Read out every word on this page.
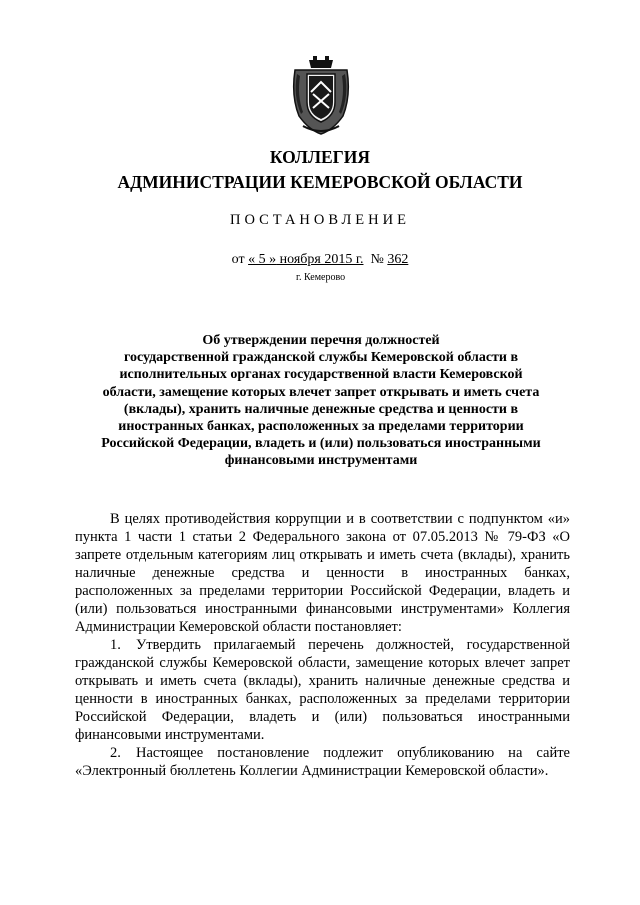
КОЛЛЕГИЯ
АДМИНИСТРАЦИИ КЕМЕРОВСКОЙ ОБЛАСТИ
ПОСТАНОВЛЕНИЕ
от « 5 » ноября 2015 г. № 362
г. Кемерово
Об утверждении перечня должностей
государственной гражданской службы Кемеровской области в
исполнительных органах государственной власти Кемеровской
области, замещение которых влечет запрет открывать и иметь счета
(вклады), хранить наличные денежные средства и ценности в
иностранных банках, расположенных за пределами территории
Российской Федерации, владеть и (или) пользоваться иностранными
финансовыми инструментами

В целях противодействия коррупции и в соответствии с подпунктом «и» пункта 1 части 1 статьи 2 Федерального закона от 07.05.2013 № 79-ФЗ «О запрете отдельным категориям лиц открывать и иметь счета (вклады), хранить наличные денежные средства и ценности в иностранных банках, расположенных за пределами территории Российской Федерации, владеть и (или) пользоваться иностранными финансовыми инструментами» Коллегия Администрации Кемеровской области постановляет:

1. Утвердить прилагаемый перечень должностей, государственной гражданской службы Кемеровской области, замещение которых влечет запрет открывать и иметь счета (вклады), хранить наличные денежные средства и ценности в иностранных банках, расположенных за пределами территории Российской Федерации, владеть и (или) пользоваться иностранными финансовыми инструментами.

2. Настоящее постановление подлежит опубликованию на сайте «Электронный бюллетень Коллегии Администрации Кемеровской области».
